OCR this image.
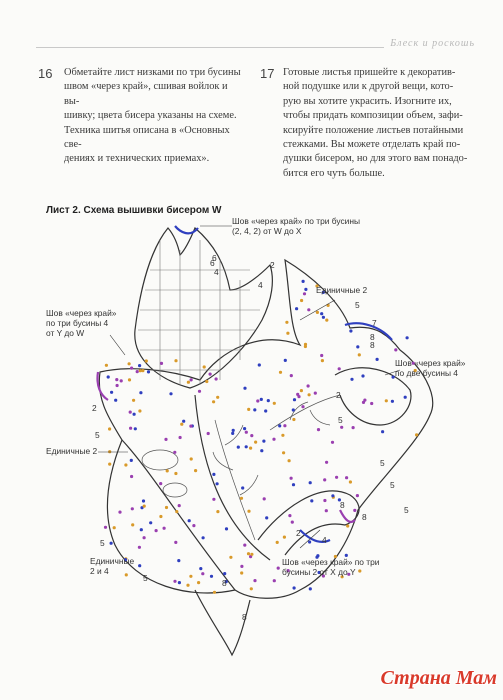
Блеск и роскошь
16 Обметайте лист низками по три бусины
швом «через край», сшивая войлок и вы-
шивку; цвета бисера указаны на схеме.
Техника шитья описана в «Основных све-
дениях и технических приемах».
17 Готовые листья пришейте к декоратив-
ной подушке или к другой вещи, кото-
рую вы хотите украсить. Изогните их,
чтобы придать композиции объем, зафи-
ксируйте положение листьев потайными
стежками. Вы можете отделать край по-
душки бисером, но для этого вам понадо-
бится его чуть больше.
Лист 2. Схема вышивки бисером W
Шов «через край» по три бусины
(2, 4, 2) от W до X
Шов «через край»
по три бусины 4
от Y до W
Единичные 2
Шов «через край»
по две бусины 4
Единичные 2
Шов «через край» по три
бусины 2 от X до Y
Единичные
2 и 4
6
4
4
7
8
8
5
2
5
2
5
5
5
8
8
4
2
6
5
8
8
5
2
5
Страна Мам
